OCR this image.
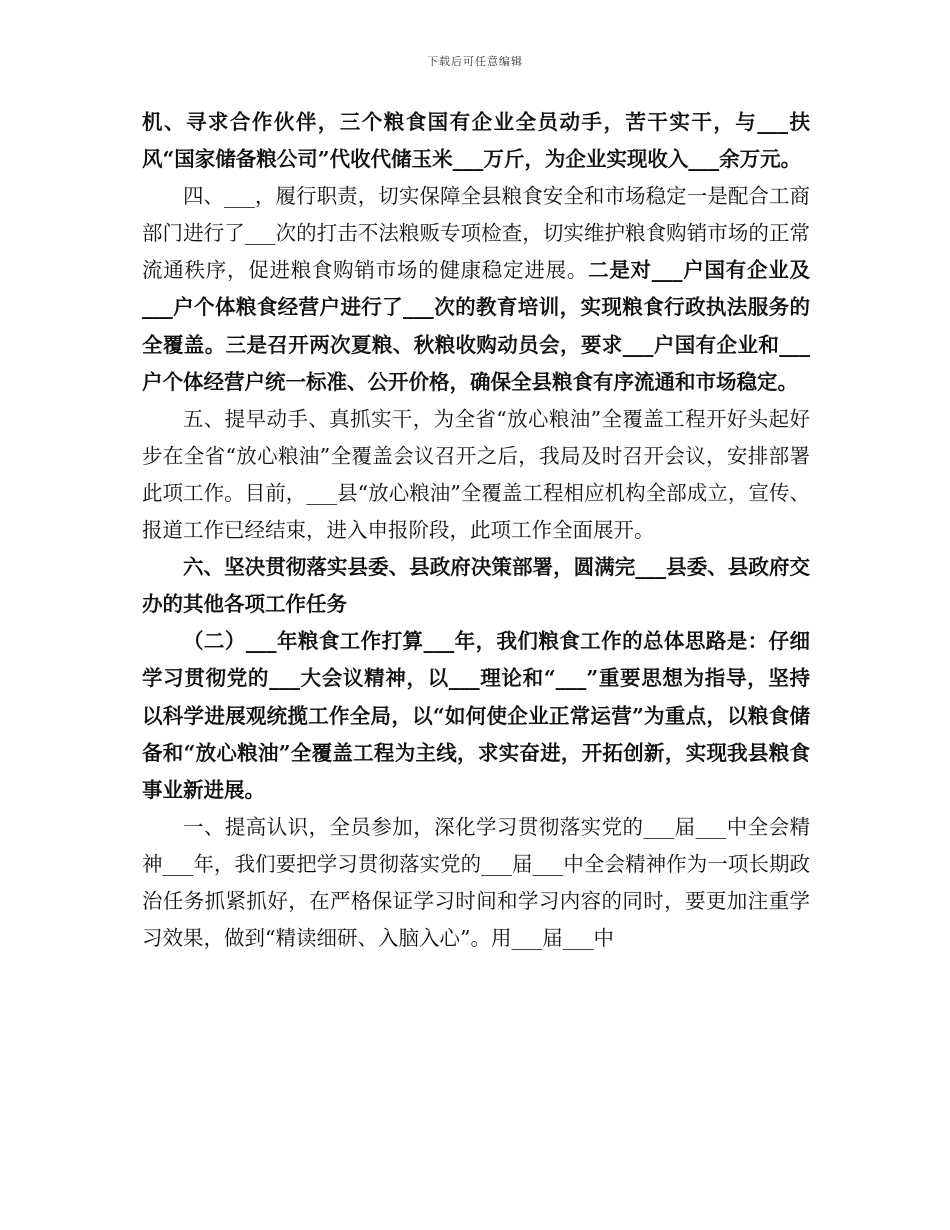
下载后可任意编辑

机、寻求合作伙伴，三个粮食国有企业全员动手，苦干实干，与___扶风“国家储备粮公司”代收代储玉米___万斤，为企业实现收入___余万元。

四、___，履行职责，切实保障全县粮食安全和市场稳定一是配合工商部门进行了___次的打击不法粮贩专项检查，切实维护粮食购销市场的正常流通秩序，促进粮食购销市场的健康稳定进展。二是对___户国有企业及___户个体粮食经营户进行了___次的教育培训，实现粮食行政执法服务的全覆盖。三是召开两次夏粮、秋粮收购动员会，要求___户国有企业和___户个体经营户统一标准、公开价格，确保全县粮食有序流通和市场稳定。

五、提早动手、真抓实干，为全省“放心粮油”全覆盖工程开好头起好步在全省“放心粮油”全覆盖会议召开之后，我局及时召开会议，安排部署此项工作。目前，___县“放心粮油”全覆盖工程相应机构全部成立，宣传、报道工作已经结束，进入申报阶段，此项工作全面展开。

六、坚决贯彻落实县委、县政府决策部署，圆满完___县委、县政府交办的其他各项工作任务

（二）___年粮食工作打算___年，我们粮食工作的总体思路是：仔细学习贯彻党的___大会议精神，以___理论和“___”重要思想为指导，坚持以科学进展观统揽工作全局，以“如何使企业正常运营”为重点，以粮食储备和“放心粮油”全覆盖工程为主线，求实奋进，开拓创新，实现我县粮食事业新进展。

一、提高认识，全员参加，深化学习贯彻落实党的___届___中全会精神___年，我们要把学习贯彻落实党的___届___中全会精神作为一项长期政治任务抓紧抓好，在严格保证学习时间和学习内容的同时，要更加注重学习效果，做到“精读细研、入脑入心”。用___届___中
